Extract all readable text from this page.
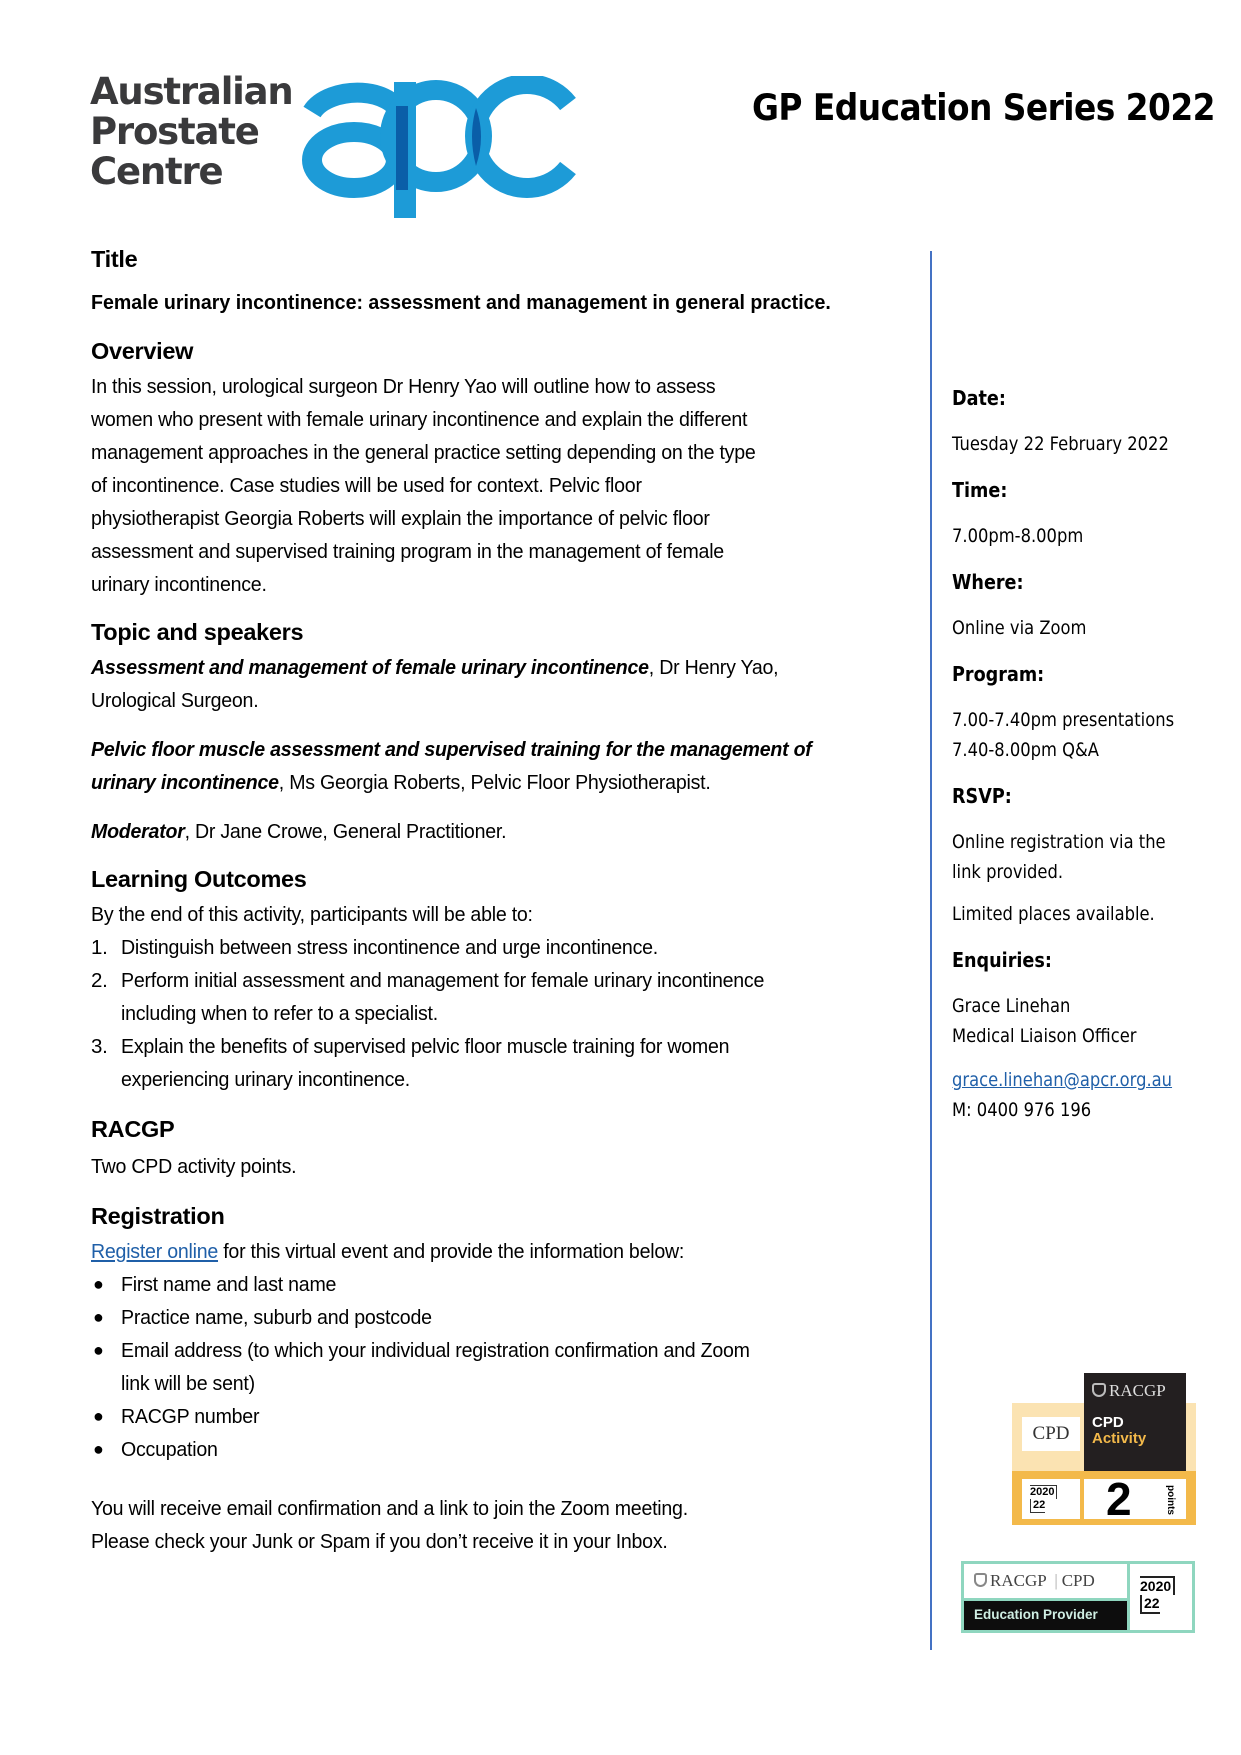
Australian
Prostate
Centre
GP Education Series 2022
Title
Female urinary incontinence: assessment and management in general practice.
Overview
In this session, urological surgeon Dr Henry Yao will outline how to assess
women who present with female urinary incontinence and explain the different
management approaches in the general practice setting depending on the type
of incontinence. Case studies will be used for context. Pelvic floor
physiotherapist Georgia Roberts will explain the importance of pelvic floor
assessment and supervised training program in the management of female
urinary incontinence.
Topic and speakers
Assessment and management of female urinary incontinence, Dr Henry Yao,
Urological Surgeon.
Pelvic floor muscle assessment and supervised training for the management of
urinary incontinence, Ms Georgia Roberts, Pelvic Floor Physiotherapist.
Moderator, Dr Jane Crowe, General Practitioner.
Learning Outcomes
By the end of this activity, participants will be able to:
1. Distinguish between stress incontinence and urge incontinence.
2. Perform initial assessment and management for female urinary incontinence
including when to refer to a specialist.
3. Explain the benefits of supervised pelvic floor muscle training for women
experiencing urinary incontinence.
RACGP
Two CPD activity points.
Registration
Register online for this virtual event and provide the information below:
● First name and last name
● Practice name, suburb and postcode
● Email address (to which your individual registration confirmation and Zoom
link will be sent)
● RACGP number
● Occupation
You will receive email confirmation and a link to join the Zoom meeting.
Please check your Junk or Spam if you don’t receive it in your Inbox.
Date:
Tuesday 22 February 2022
Time:
7.00pm-8.00pm
Where:
Online via Zoom
Program:
7.00-7.40pm presentations
7.40-8.00pm Q&A
RSVP:
Online registration via the
link provided.
Limited places available.
Enquiries:
Grace Linehan
Medical Liaison Officer
grace.linehan@apcr.org.au
M: 0400 976 196
CPD
RACGP
CPD
Activity
2020
22 2	points
RACGP | CPD
Education Provider
2020
22
